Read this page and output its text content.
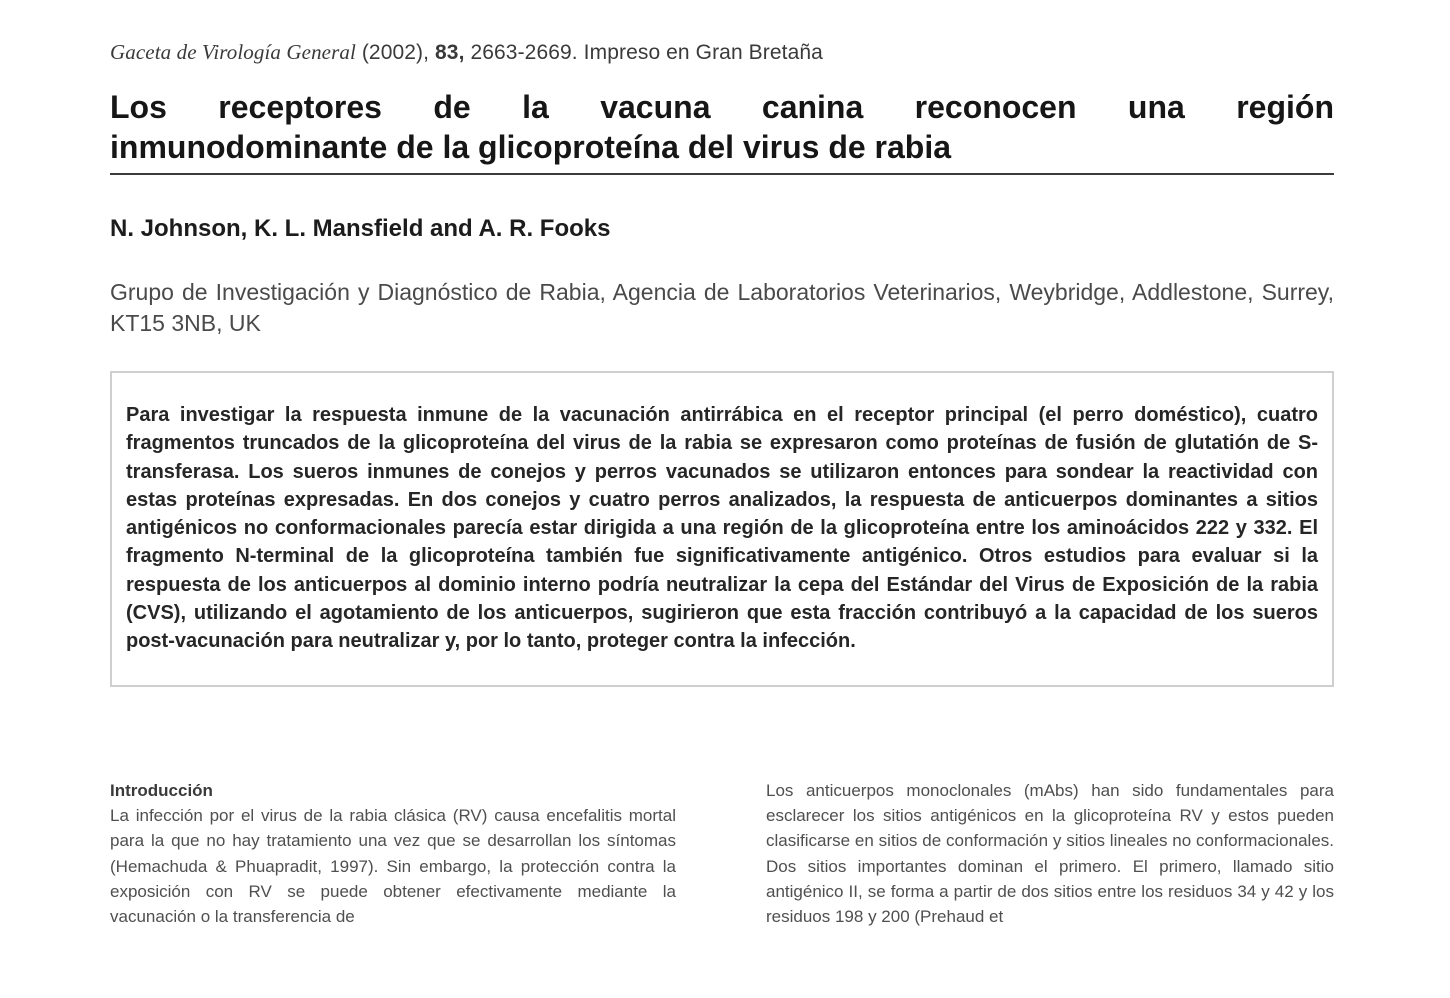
Gaceta de Virología General (2002), 83, 2663-2669. Impreso en Gran Bretaña
Los receptores de la vacuna canina reconocen una región
inmunodominante de la glicoproteína del virus de rabia

N. Johnson, K. L. Mansfield and A. R. Fooks

Grupo de Investigación y Diagnóstico de Rabia, Agencia de Laboratorios Veterinarios, Weybridge, Addlestone, Surrey, KT15 3NB, UK

Para investigar la respuesta inmune de la vacunación antirrábica en el receptor principal (el perro doméstico), cuatro fragmentos truncados de la glicoproteína del virus de la rabia se expresaron como proteínas de fusión de glutatión de S-transferasa. Los sueros inmunes de conejos y perros vacunados se utilizaron entonces para sondear la reactividad con estas proteínas expresadas. En dos conejos y cuatro perros analizados, la respuesta de anticuerpos dominantes a sitios antigénicos no conformacionales parecía estar dirigida a una región de la glicoproteína entre los aminoácidos 222 y 332. El fragmento N-terminal de la glicoproteína también fue significativamente antigénico. Otros estudios para evaluar si la respuesta de los anticuerpos al dominio interno podría neutralizar la cepa del Estándar del Virus de Exposición de la rabia (CVS), utilizando el agotamiento de los anticuerpos, sugirieron que esta fracción contribuyó a la capacidad de los sueros post-vacunación para neutralizar y, por lo tanto, proteger contra la infección.

Introducción
La infección por el virus de la rabia clásica (RV) causa encefalitis mortal para la que no hay tratamiento una vez que se desarrollan los síntomas (Hemachuda & Phuapradit, 1997). Sin embargo, la protección contra la exposición con RV se puede obtener efectivamente mediante la vacunación o la transferencia de
Los anticuerpos monoclonales (mAbs) han sido fundamentales para esclarecer los sitios antigénicos en la glicoproteína RV y estos pueden clasificarse en sitios de conformación y sitios lineales no conformacionales. Dos sitios importantes dominan el primero. El primero, llamado sitio antigénico II, se forma a partir de dos sitios entre los residuos 34 y 42 y los residuos 198 y 200 (Prehaud et
